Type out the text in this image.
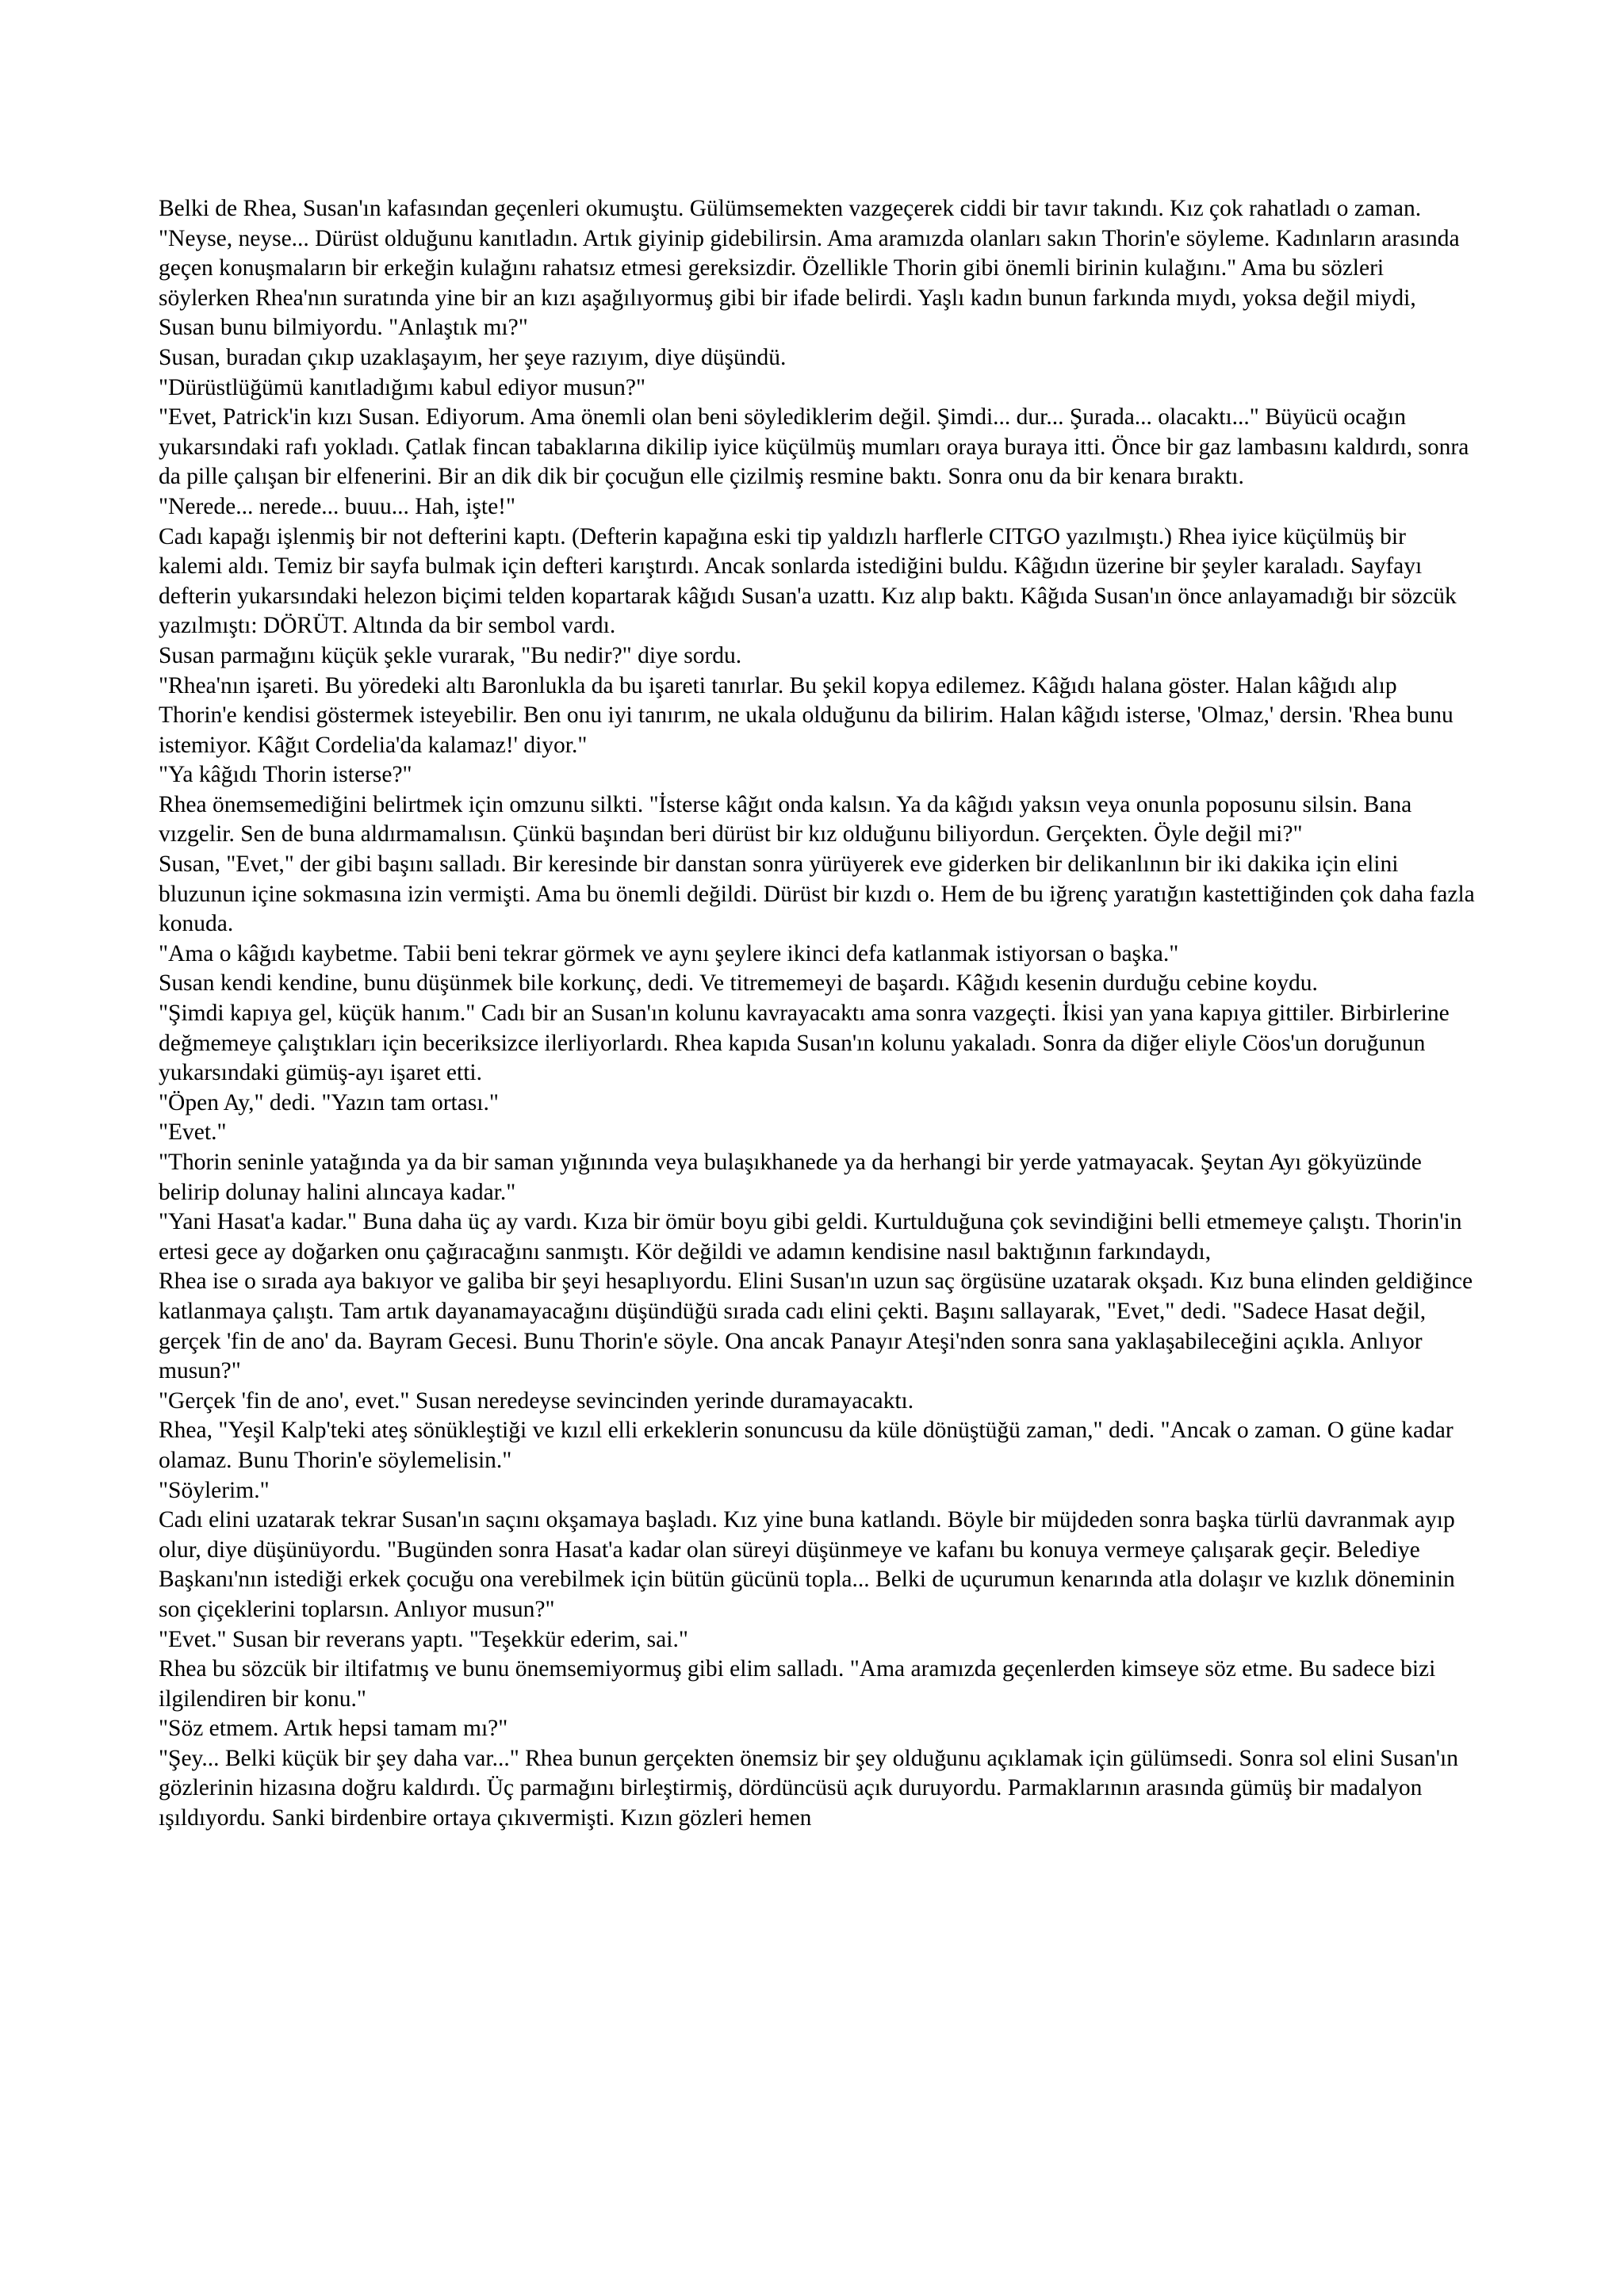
Belki de Rhea, Susan'ın kafasından geçenleri okumuştu. Gülümsemekten vazgeçerek ciddi bir tavır takındı. Kız çok rahatladı o zaman.

"Neyse, neyse... Dürüst olduğunu kanıtladın. Artık giyinip gidebilirsin. Ama aramızda olanları sakın Thorin'e söyleme. Kadınların arasında geçen konuşmaların bir erkeğin kulağını rahatsız etmesi gereksizdir. Özellikle Thorin gibi önemli birinin kulağını." Ama bu sözleri söylerken Rhea'nın suratında yine bir an kızı aşağılıyormuş gibi bir ifade belirdi. Yaşlı kadın bunun farkında mıydı, yoksa değil miydi, Susan bunu bilmiyordu. "Anlaştık mı?"

Susan, buradan çıkıp uzaklaşayım, her şeye razıyım, diye düşündü.

"Dürüstlüğümü kanıtladığımı kabul ediyor musun?"

"Evet, Patrick'in kızı Susan. Ediyorum. Ama önemli olan beni söylediklerim değil. Şimdi... dur... Şurada... olacaktı..." Büyücü ocağın yukarsındaki rafı yokladı. Çatlak fincan tabaklarına dikilip iyice küçülmüş mumları oraya buraya itti. Önce bir gaz lambasını kaldırdı, sonra da pille çalışan bir elfenerini. Bir an dik dik bir çocuğun elle çizilmiş resmine baktı. Sonra onu da bir kenara bıraktı.

"Nerede... nerede... buuu... Hah, işte!"

Cadı kapağı işlenmiş bir not defterini kaptı. (Defterin kapağına eski tip yaldızlı harflerle CITGO yazılmıştı.) Rhea iyice küçülmüş bir kalemi aldı. Temiz bir sayfa bulmak için defteri karıştırdı. Ancak sonlarda istediğini buldu. Kâğıdın üzerine bir şeyler karaladı. Sayfayı defterin yukarsındaki helezon biçimi telden kopartarak kâğıdı Susan'a uzattı. Kız alıp baktı. Kâğıda Susan'ın önce anlayamadığı bir sözcük yazılmıştı: DÖRÜT. Altında da bir sembol vardı.

Susan parmağını küçük şekle vurarak, "Bu nedir?" diye sordu.

"Rhea'nın işareti. Bu yöredeki altı Baronlukla da bu işareti tanırlar. Bu şekil kopya edilemez. Kâğıdı halana göster. Halan kâğıdı alıp Thorin'e kendisi göstermek isteyebilir. Ben onu iyi tanırım, ne ukala olduğunu da bilirim. Halan kâğıdı isterse, 'Olmaz,' dersin. 'Rhea bunu istemiyor. Kâğıt Cordelia'da kalamaz!' diyor."

"Ya kâğıdı Thorin isterse?"

Rhea önemsemediğini belirtmek için omzunu silkti. "İsterse kâğıt onda kalsın. Ya da kâğıdı yaksın veya onunla poposunu silsin. Bana vızgelir. Sen de buna aldırmamalısın. Çünkü başından beri dürüst bir kız olduğunu biliyordun. Gerçekten. Öyle değil mi?"

Susan, "Evet," der gibi başını salladı. Bir keresinde bir danstan sonra yürüyerek eve giderken bir delikanlının bir iki dakika için elini bluzunun içine sokmasına izin vermişti. Ama bu önemli değildi. Dürüst bir kızdı o. Hem de bu iğrenç yaratığın kastettiğinden çok daha fazla konuda.

"Ama o kâğıdı kaybetme. Tabii beni tekrar görmek ve aynı şeylere ikinci defa katlanmak istiyorsan o başka."

Susan kendi kendine, bunu düşünmek bile korkunç, dedi. Ve titrememeyi de başardı. Kâğıdı kesenin durduğu cebine koydu.

"Şimdi kapıya gel, küçük hanım." Cadı bir an Susan'ın kolunu kavrayacaktı ama sonra vazgeçti. İkisi yan yana kapıya gittiler. Birbirlerine değmemeye çalıştıkları için beceriksizce ilerliyorlardı. Rhea kapıda Susan'ın kolunu yakaladı. Sonra da diğer eliyle Cöos'un doruğunun yukarsındaki gümüş-ayı işaret etti.

"Öpen Ay," dedi. "Yazın tam ortası."

"Evet."

"Thorin seninle yatağında ya da bir saman yığınında veya bulaşıkhanede ya da herhangi bir yerde yatmayacak. Şeytan Ayı gökyüzünde belirip dolunay halini alıncaya kadar."

"Yani Hasat'a kadar." Buna daha üç ay vardı. Kıza bir ömür boyu gibi geldi. Kurtulduğuna çok sevindiğini belli etmemeye çalıştı. Thorin'in ertesi gece ay doğarken onu çağıracağını sanmıştı. Kör değildi ve adamın kendisine nasıl baktığının farkındaydı,

Rhea ise o sırada aya bakıyor ve galiba bir şeyi hesaplıyordu. Elini Susan'ın uzun saç örgüsüne uzatarak okşadı. Kız buna elinden geldiğince katlanmaya çalıştı. Tam artık dayanamayacağını düşündüğü sırada cadı elini çekti. Başını sallayarak, "Evet," dedi. "Sadece Hasat değil, gerçek 'fin de ano' da. Bayram Gecesi. Bunu Thorin'e söyle. Ona ancak Panayır Ateşi'nden sonra sana yaklaşabileceğini açıkla. Anlıyor musun?"

"Gerçek 'fin de ano', evet." Susan neredeyse sevincinden yerinde duramayacaktı.

Rhea, "Yeşil Kalp'teki ateş sönükleştiği ve kızıl elli erkeklerin sonuncusu da küle dönüştüğü zaman," dedi. "Ancak o zaman. O güne kadar olamaz. Bunu Thorin'e söylemelisin."

"Söylerim."

Cadı elini uzatarak tekrar Susan'ın saçını okşamaya başladı. Kız yine buna katlandı. Böyle bir müjdeden sonra başka türlü davranmak ayıp olur, diye düşünüyordu. "Bugünden sonra Hasat'a kadar olan süreyi düşünmeye ve kafanı bu konuya vermeye çalışarak geçir. Belediye Başkanı'nın istediği erkek çocuğu ona verebilmek için bütün gücünü topla... Belki de uçurumun kenarında atla dolaşır ve kızlık döneminin son çiçeklerini toplarsın. Anlıyor musun?"

"Evet." Susan bir reverans yaptı. "Teşekkür ederim, sai."

Rhea bu sözcük bir iltifatmış ve bunu önemsemiyormuş gibi elim salladı. "Ama aramızda geçenlerden kimseye söz etme. Bu sadece bizi ilgilendiren bir konu."

"Söz etmem. Artık hepsi tamam mı?"

"Şey... Belki küçük bir şey daha var..." Rhea bunun gerçekten önemsiz bir şey olduğunu açıklamak için gülümsedi. Sonra sol elini Susan'ın gözlerinin hizasına doğru kaldırdı. Üç parmağını birleştirmiş, dördüncüsü açık duruyordu. Parmaklarının arasında gümüş bir madalyon ışıldıyordu. Sanki birdenbire ortaya çıkıvermişti. Kızın gözleri hemen
